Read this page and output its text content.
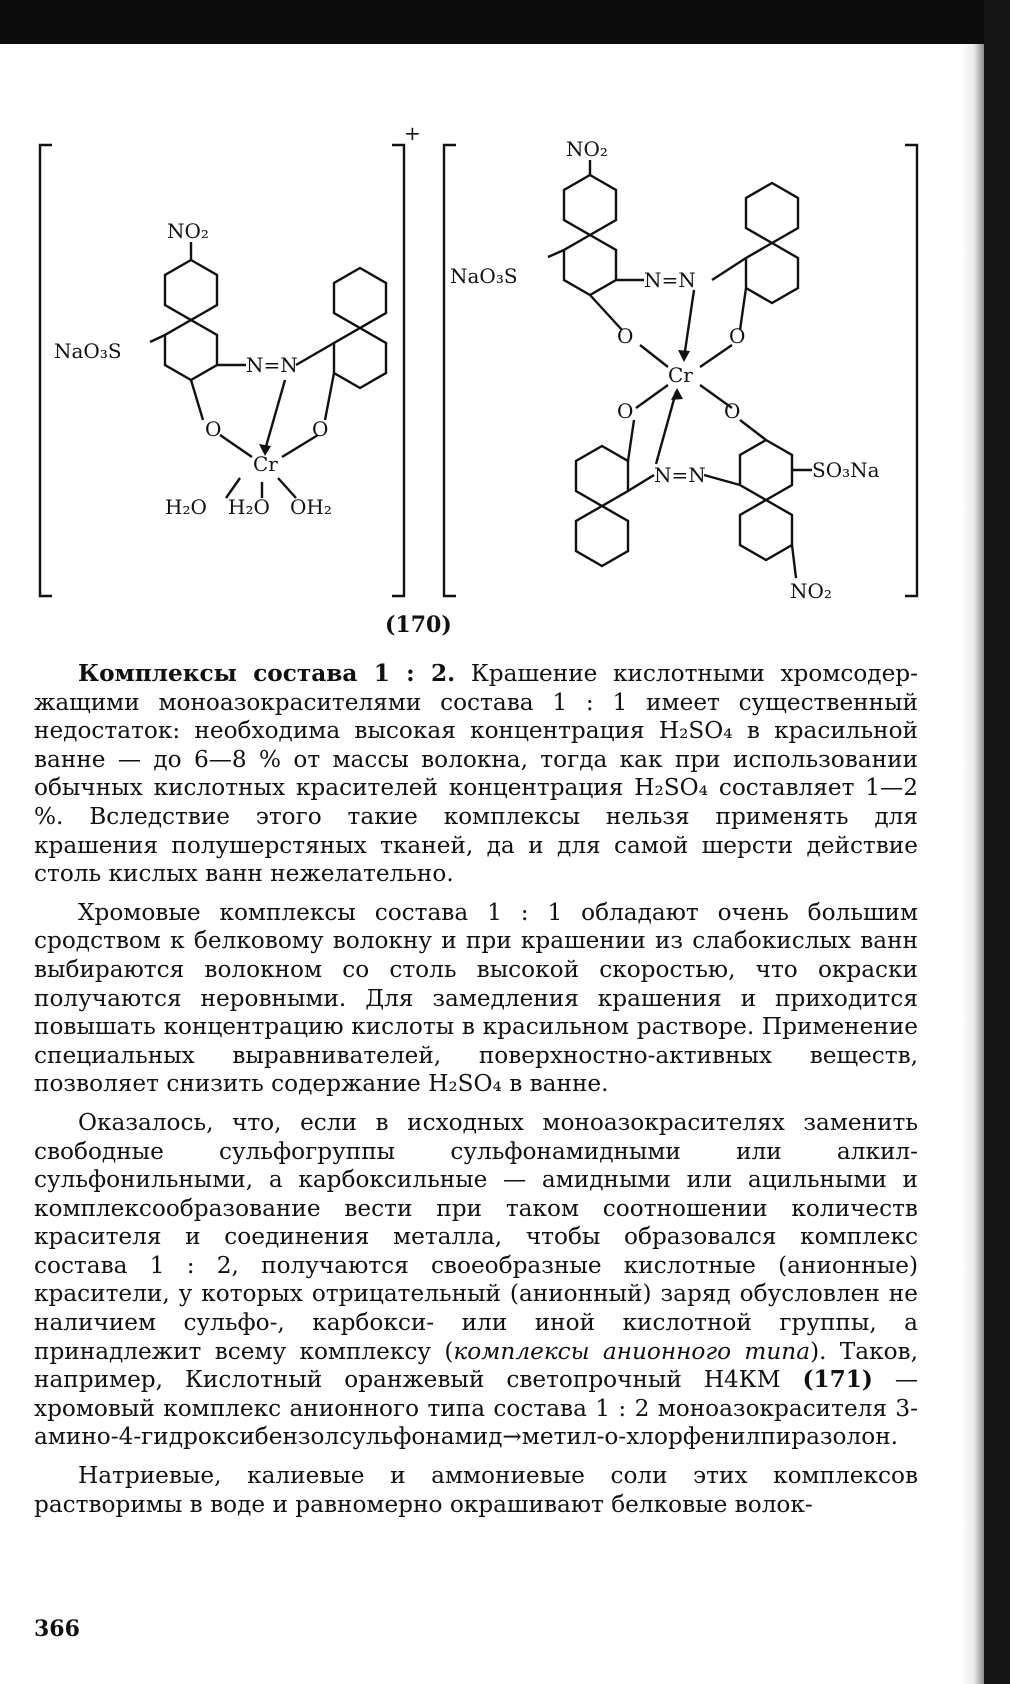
+
(170)
NO₂
NaO₃S
N=N
O	O
Cr
H₂O H₂O OH₂
NO₂
NaO₃S	N=N
O	O
Cr
O	O
N=N	SO₃Na
NO₂

Комплексы состава 1 : 2. Крашение кислотными хромсодержащими моноазокрасителями состава 1 : 1 имеет существенный недостаток: необходима высокая концентрация H₂SO₄ в красильной ванне — до 6—8 % от массы волокна, тогда как при использовании обычных кислотных красителей концентрация H₂SO₄ составляет 1—2 %. Вследствие этого такие комплексы нельзя применять для крашения полушерстяных тканей, да и для самой шерсти действие столь кислых ванн нежелательно.

Хромовые комплексы состава 1 : 1 обладают очень большим сродством к белковому волокну и при крашении из слабокислых ванн выбираются волокном со столь высокой скоростью, что окраски получаются неровными. Для замедления крашения и приходится повышать концентрацию кислоты в красильном растворе. Применение специальных выравнивателей, поверхностно-активных веществ, позволяет снизить содержание H₂SO₄ в ванне.

Оказалось, что, если в исходных моноазокрасителях заменить свободные сульфогруппы сульфонамидными или алкилсульфонильными, а карбоксильные — амидными или ацильными и комплексообразование вести при таком соотношении количеств красителя и соединения металла, чтобы образовался комплекс состава 1 : 2, получаются своеобразные кислотные (анионные) красители, у которых отрицательный (анионный) заряд обусловлен не наличием сульфо-, карбокси- или иной кислотной группы, а принадлежит всему комплексу (комплексы анионного типа). Таков, например, Кислотный оранжевый светопрочный Н4КМ (171) — хромовый комплекс анионного типа состава 1 : 2 моноазокрасителя 3-амино-4-гидроксибензолсульфонамид→метил-о-хлорфенилпиразолон.

Натриевые, калиевые и аммониевые соли этих комплексов растворимы в воде и равномерно окрашивают белковые волок-

366
